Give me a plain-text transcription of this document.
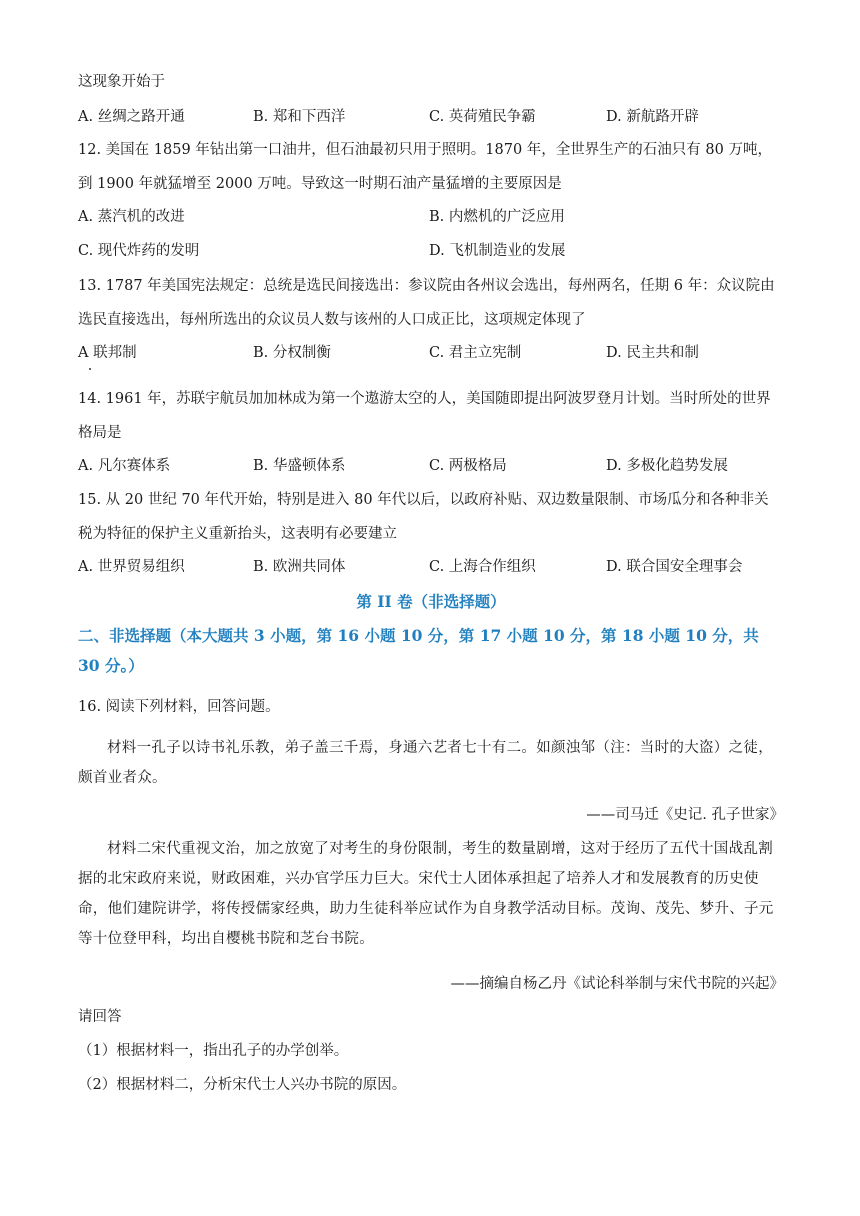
这现象开始于
A. 丝绸之路开通	B. 郑和下西洋	C. 英荷殖民争霸	D. 新航路开辟
12. 美国在 1859 年钻出第一口油井，但石油最初只用于照明。1870 年，全世界生产的石油只有 80 万吨，
到 1900 年就猛增至 2000 万吨。导致这一时期石油产量猛增的主要原因是
A. 蒸汽机的改进	B. 内燃机的广泛应用
C. 现代炸药的发明	D. 飞机制造业的发展
13. 1787 年美国宪法规定：总统是选民间接选出：参议院由各州议会选出，每州两名，任期 6 年：众议院由
选民直接选出，每州所选出的众议员人数与该州的人口成正比，这项规定体现了
A 联邦制	B. 分权制衡	C. 君主立宪制	D. 民主共和制
14. 1961 年，苏联宇航员加加林成为第一个遨游太空的人，美国随即提出阿波罗登月计划。当时所处的世界
格局是
A. 凡尔赛体系	B. 华盛顿体系	C. 两极格局	D. 多极化趋势发展
15. 从 20 世纪 70 年代开始，特别是进入 80 年代以后，以政府补贴、双边数量限制、市场瓜分和各种非关
税为特征的保护主义重新抬头，这表明有必要建立
A. 世界贸易组织	B. 欧洲共同体	C. 上海合作组织	D. 联合国安全理事会
第 II 卷（非选择题）
二、非选择题（本大题共 3 小题，第 16 小题 10 分，第 17 小题 10 分，第 18 小题 10 分，共
30 分。）
16. 阅读下列材料，回答问题。
材料一孔子以诗书礼乐教，弟子盖三千焉，身通六艺者七十有二。如颜浊邹（注：当时的大盗）之徒，颇首业者众。
——司马迁《史记. 孔子世家》
材料二宋代重视文治，加之放宽了对考生的身份限制，考生的数量剧增，这对于经历了五代十国战乱割据的北宋政府来说，财政困难，兴办官学压力巨大。宋代士人团体承担起了培养人才和发展教育的历史使命，他们建院讲学，将传授儒家经典，助力生徒科举应试作为自身教学活动目标。茂询、茂先、梦升、子元等十位登甲科，均出自樱桃书院和芝台书院。
——摘编自杨乙丹《试论科举制与宋代书院的兴起》
请回答
（1）根据材料一，指出孔子的办学创举。
（2）根据材料二，分析宋代士人兴办书院的原因。
